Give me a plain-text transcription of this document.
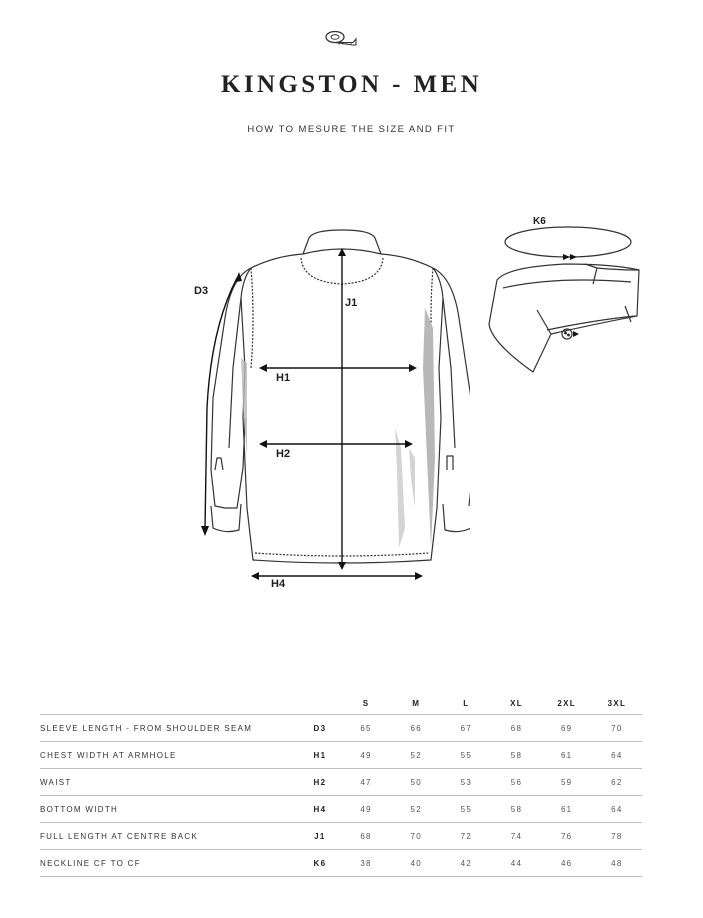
KINGSTON - MEN
HOW TO MESURE THE SIZE AND FIT
D3
J1
H1
H2
H4
K6
		S	M	L	XL	2XL	3XL
SLEEVE LENGTH - FROM SHOULDER SEAM	D3	65	66	67	68	69	70
CHEST WIDTH AT ARMHOLE	H1	49	52	55	58	61	64
WAIST	H2	47	50	53	56	59	62
BOTTOM WIDTH	H4	49	52	55	58	61	64
FULL LENGTH AT CENTRE BACK	J1	68	70	72	74	76	78
NECKLINE CF TO CF	K6	38	40	42	44	46	48
